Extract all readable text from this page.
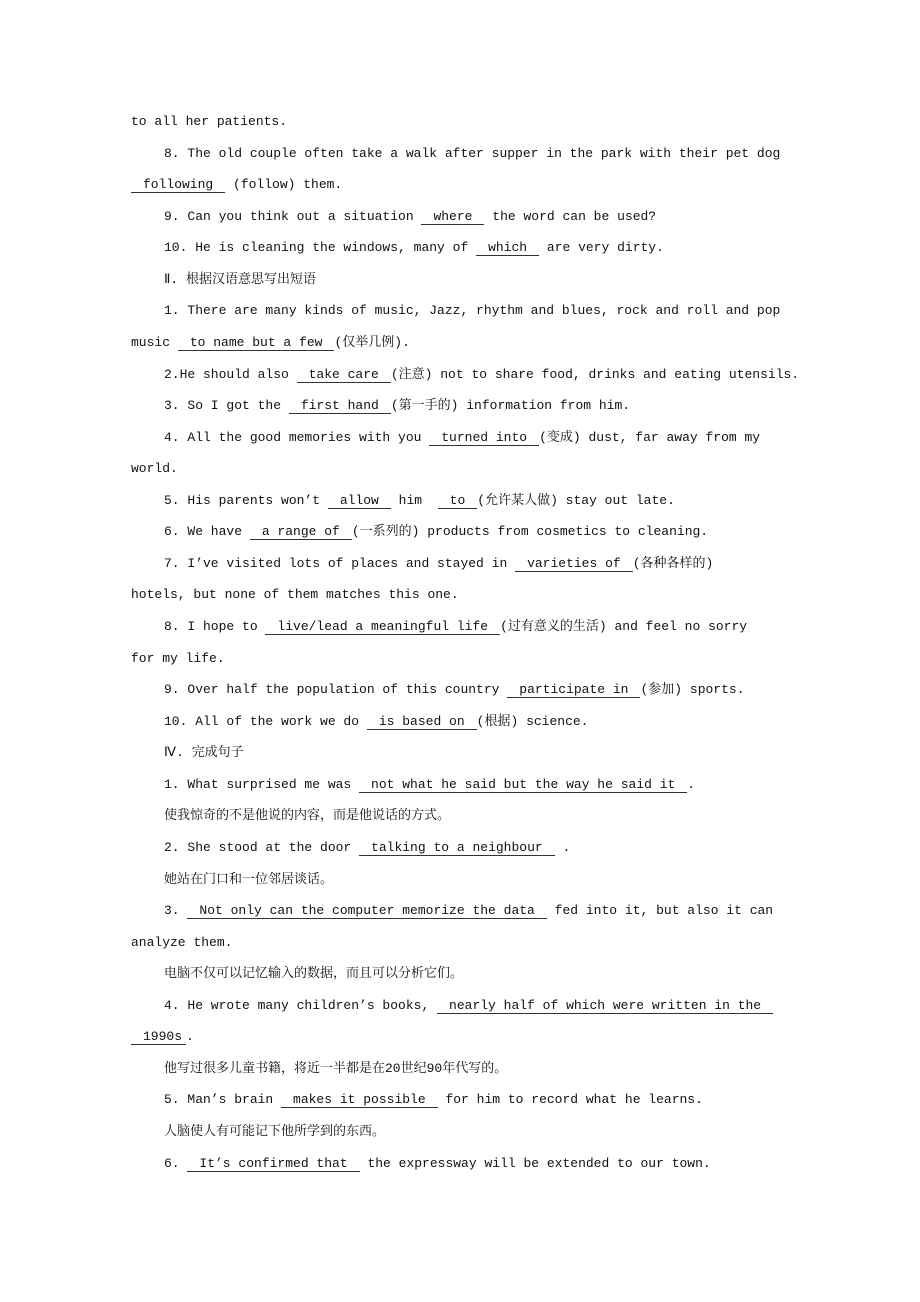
to all her patients.
8. The old couple often take a walk after supper in the park with their pet dog
following (follow) them.
9. Can you think out a situation where the word can be used?
10. He is cleaning the windows, many of which are very dirty.
Ⅱ. 根据汉语意思写出短语
1. There are many kinds of music, Jazz, rhythm and blues, rock and roll and pop
music to name but a few (仅举几例).
2.He should also take care (注意) not to share food, drinks and eating utensils.
3. So I got the first hand (第一手的) information from him.
4. All the good memories with you turned into (变成) dust, far away from my
world.
5. His parents won’t allow him  to (允许某人做) stay out late.
6. We have a range of (一系列的) products from cosmetics to cleaning.
7. I’ve visited lots of places and stayed in varieties of (各种各样的)
hotels, but none of them matches this one.
8. I hope to live/lead a meaningful life (过有意义的生活) and feel no sorry
for my life.
9. Over half the population of this country participate in (参加) sports.
10. All of the work we do is based on (根据) science.
Ⅳ. 完成句子
1. What surprised me was not what he said but the way he said it .
使我惊奇的不是他说的内容，而是他说话的方式。
2. She stood at the door talking to a neighbour .
她站在门口和一位邻居谈话。
3. Not only can the computer memorize the data fed into it, but also it can
analyze them.
电脑不仅可以记忆输入的数据，而且可以分析它们。
4. He wrote many children’s books, nearly half of which were written in the
1990s .
他写过很多儿童书籍，将近一半都是在20世纪90年代写的。
5. Man’s brain makes it possible for him to record what he learns.
人脑使人有可能记下他所学到的东西。
6. It’s confirmed that the expressway will be extended to our town.
